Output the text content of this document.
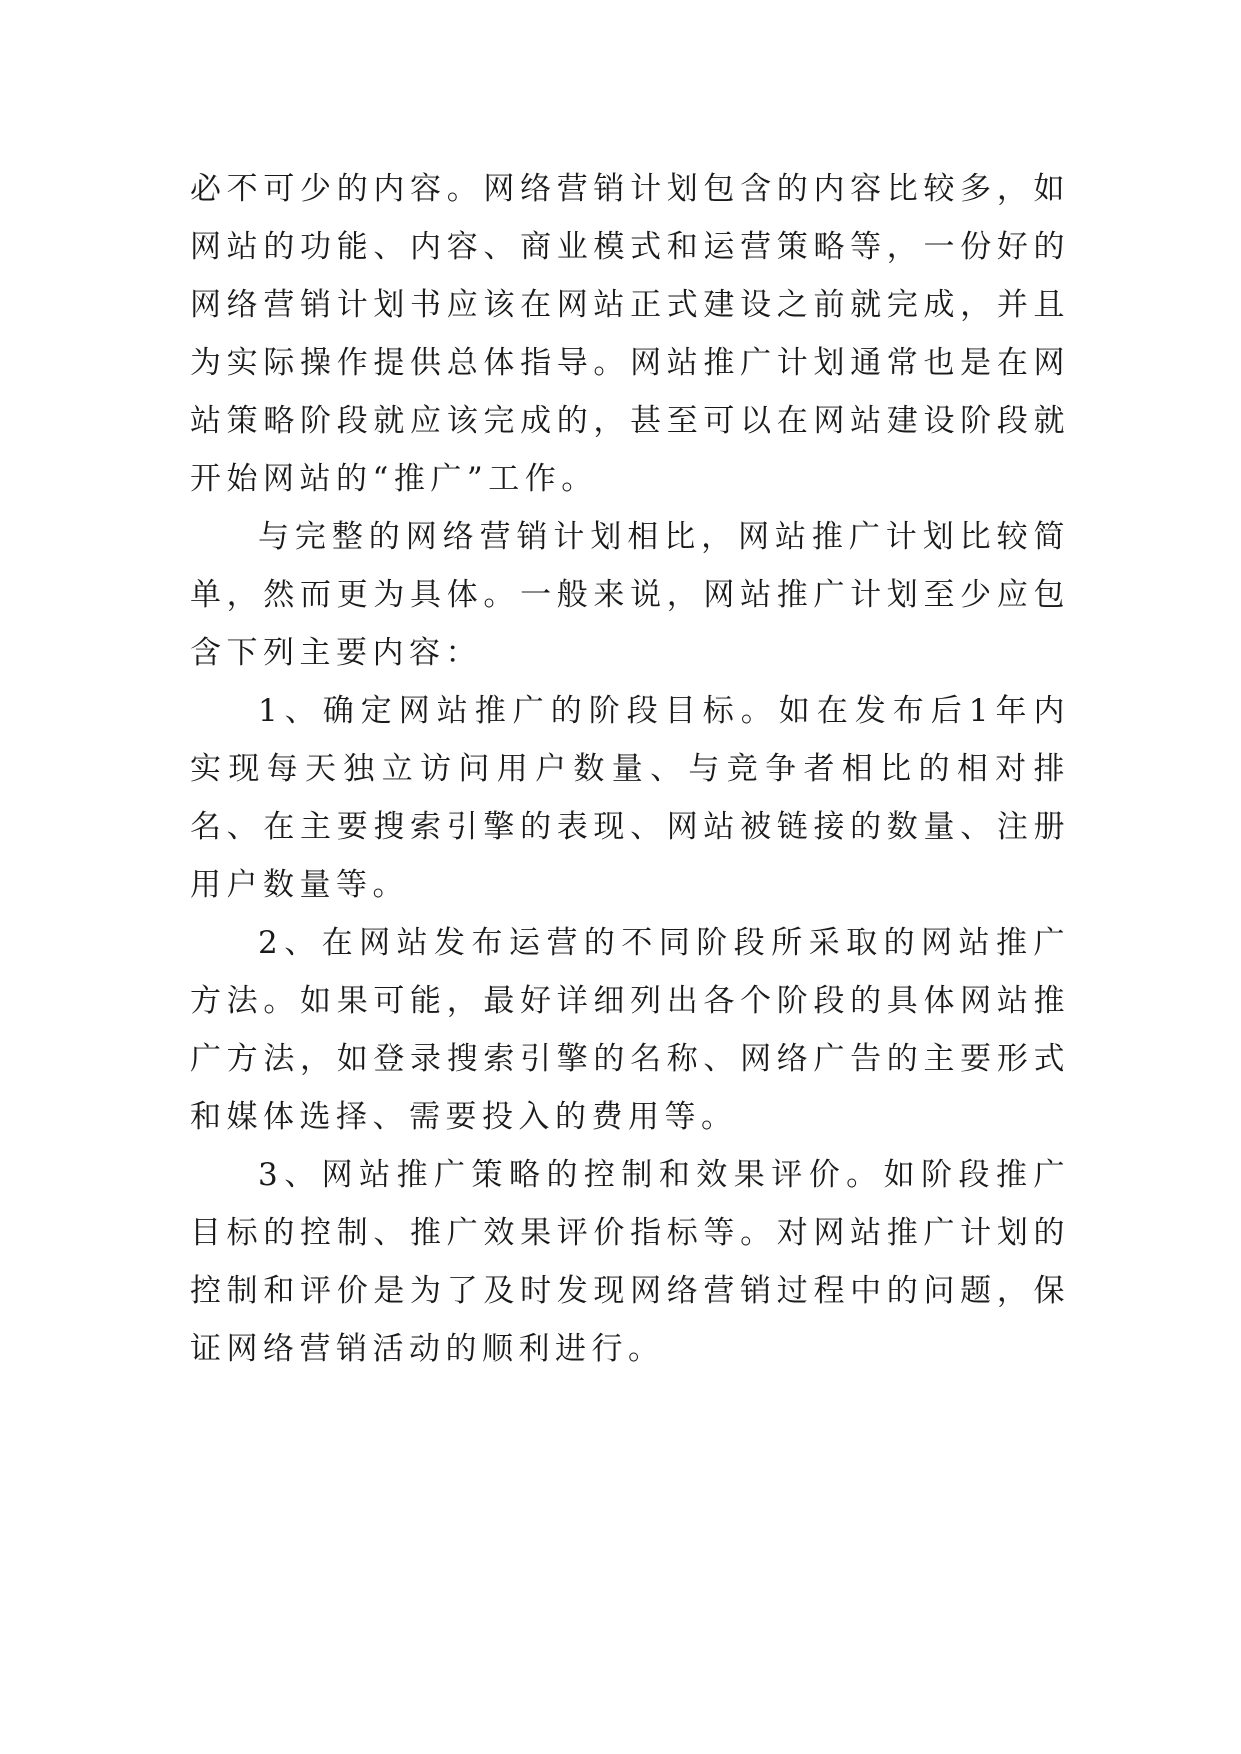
必不可少的内容。网络营销计划包含的内容比较多，如网站的功能、内容、商业模式和运营策略等，一份好的网络营销计划书应该在网站正式建设之前就完成，并且为实际操作提供总体指导。网站推广计划通常也是在网站策略阶段就应该完成的，甚至可以在网站建设阶段就开始网站的“推广”工作。

与完整的网络营销计划相比，网站推广计划比较简单，然而更为具体。一般来说，网站推广计划至少应包含下列主要内容：

1、确定网站推广的阶段目标。如在发布后1年内实现每天独立访问用户数量、与竞争者相比的相对排名、在主要搜索引擎的表现、网站被链接的数量、注册用户数量等。

2、在网站发布运营的不同阶段所采取的网站推广方法。如果可能，最好详细列出各个阶段的具体网站推广方法，如登录搜索引擎的名称、网络广告的主要形式和媒体选择、需要投入的费用等。

3、网站推广策略的控制和效果评价。如阶段推广目标的控制、推广效果评价指标等。对网站推广计划的控制和评价是为了及时发现网络营销过程中的问题，保证网络营销活动的顺利进行。
